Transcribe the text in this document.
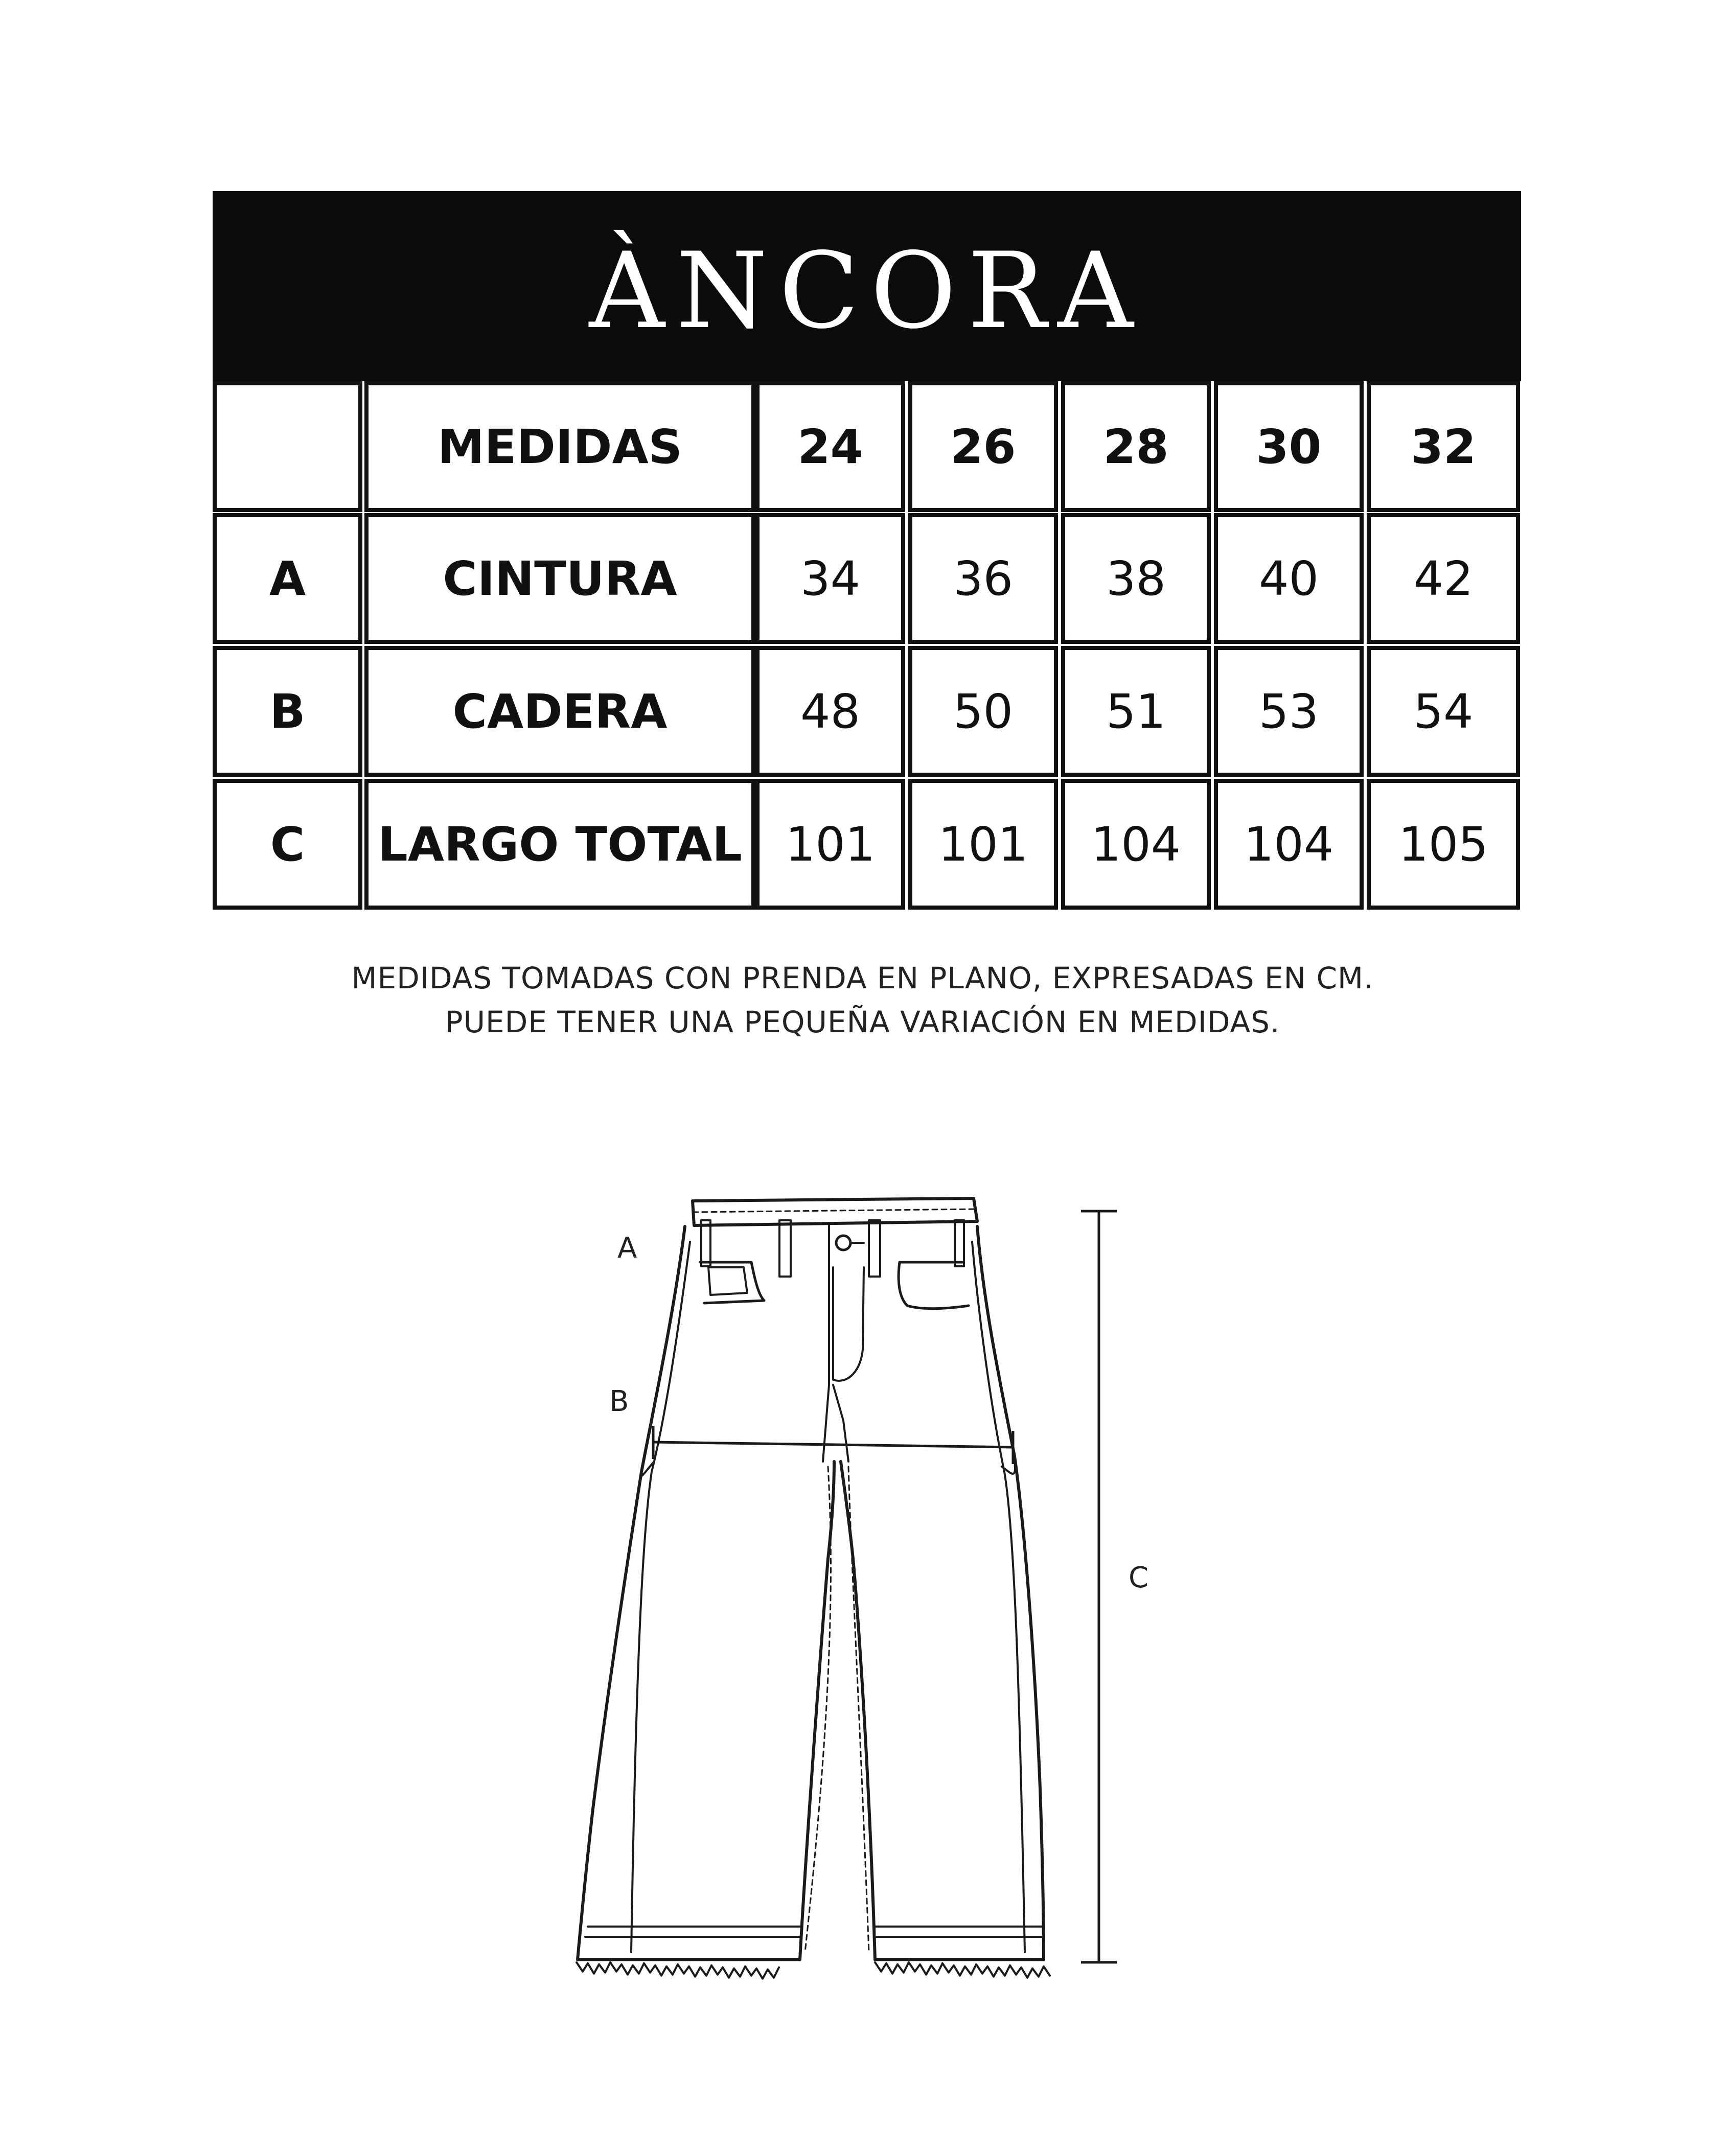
ÀNCORA
MEDIDAS 24 26 28 30 32
A	CINTURA	34 36 38 40 42
B	CADERA	48 50 51 53 54
C LARGO TOTAL 101 101 104 104 105
MEDIDAS TOMADAS CON PRENDA EN PLANO, EXPRESADAS EN CM.
PUEDE TENER UNA PEQUEÑA VARIACIÓN EN MEDIDAS.
A
B
C
